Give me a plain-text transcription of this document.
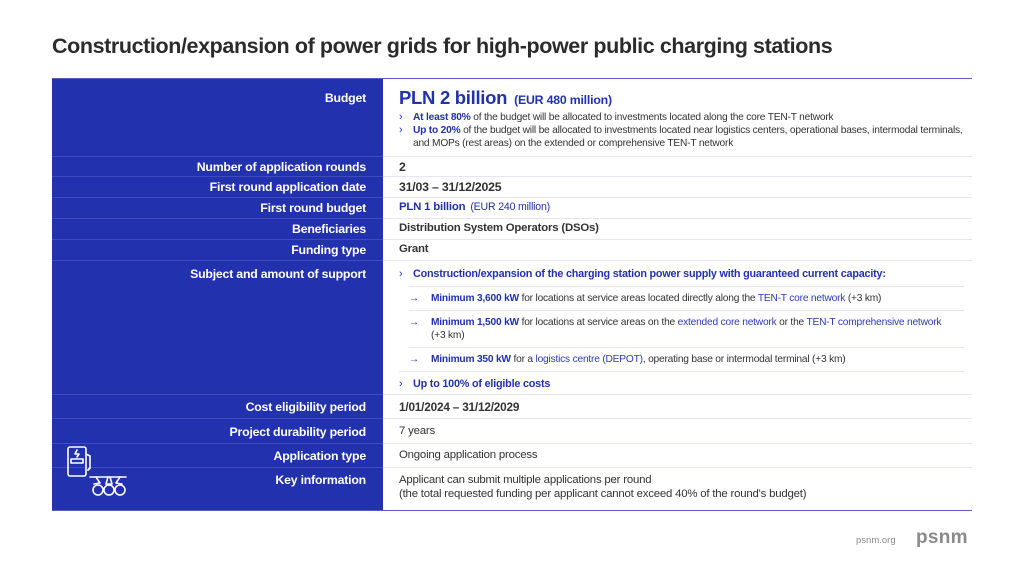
Construction/expansion of power grids for high-power public charging stations
Budget PLN 2 billion (EUR 480 million)
›	At least 80% of the budget will be allocated to investments located along the core TEN-T network
›	Up to 20% of the budget will be allocated to investments located near logistics centers, operational bases, intermodal terminals, and MOPs (rest areas) on the extended or comprehensive TEN-T network
Number of application rounds	2
First round application date	31/03 – 31/12/2025
First round budget	PLN 1 billion (EUR 240 million)
Beneficiaries	Distribution System Operators (DSOs)
Funding type	Grant
Subject and amount of support	› Construction/expansion of the charging station power supply with guaranteed current capacity:
→ Minimum 3,600 kW for locations at service areas located directly along the TEN-T core network (+3 km)
→ Minimum 1,500 kW for locations at service areas on the extended core network or the TEN-T comprehensive network (+3 km)
→ Minimum 350 kW for a logistics centre (DEPOT), operating base or intermodal terminal (+3 km)
› Up to 100% of eligible costs
Cost eligibility period	1/01/2024 – 31/12/2029
Project durability period	7 years
Application type	Ongoing application process
Key information	Applicant can submit multiple applications per round
(the total requested funding per applicant cannot exceed 40% of the round's budget)
psnm.org psnm
